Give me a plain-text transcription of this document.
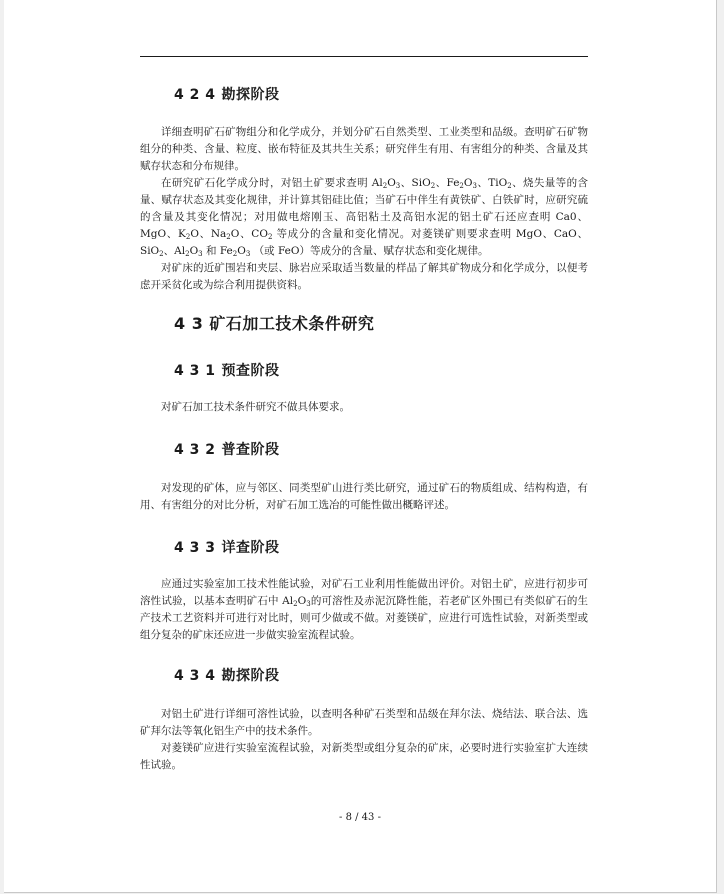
4 2 4 勘探阶段

详细查明矿石矿物组分和化学成分，并划分矿石自然类型、工业类型和品级。查明矿石矿物组分的种类、含量、粒度、嵌布特征及其共生关系；研究伴生有用、有害组分的种类、含量及其赋存状态和分布规律。

在研究矿石化学成分时，对铝土矿要求查明 $Al_2O_3$、SiO$_2$、$Fe_2O_3$、TiO$_2$、烧失量等的含量、赋存状态及其变化规律，并计算其铝硅比值；当矿石中伴生有黄铁矿、白铁矿时，应研究硫的含量及其变化情况；对用做电熔刚玉、高铝粘土及高铝水泥的铝土矿石还应查明 Ca0、MgO、$K_2O$、$Na_2O$、$CO_2$ 等成分的含量和变化情况。对菱镁矿则要求查明 MgO、CaO、SiO$_2$、$Al_2O_3$ 和 $Fe_2O_3$ （或 FeO）等成分的含量、赋存状态和变化规律。

对矿床的近矿围岩和夹层、脉岩应采取适当数量的样品了解其矿物成分和化学成分，以便考虑开采贫化或为综合利用提供资料。

4 3 矿石加工技术条件研究
4 3 1 预查阶段

对矿石加工技术条件研究不做具体要求。

4 3 2 普查阶段

对发现的矿体，应与邻区、同类型矿山进行类比研究，通过矿石的物质组成、结构构造，有用、有害组分的对比分析，对矿石加工选冶的可能性做出概略评述。

4 3 3 详查阶段

应通过实验室加工技术性能试验，对矿石工业利用性能做出评价。对铝土矿，应进行初步可溶性试验，以基本查明矿石中 $Al_2O_3$的可溶性及赤泥沉降性能，若老矿区外围已有类似矿石的生产技术工艺资料并可进行对比时，则可少做或不做。对菱镁矿，应进行可选性试验，对新类型或组分复杂的矿床还应进一步做实验室流程试验。

4 3 4 勘探阶段

对铝土矿进行详细可溶性试验，以查明各种矿石类型和品级在拜尔法、烧结法、联合法、选矿拜尔法等氧化铝生产中的技术条件。

对菱镁矿应进行实验室流程试验，对新类型或组分复杂的矿床，必要时进行实验室扩大连续性试验。

- 8 / 43 -
